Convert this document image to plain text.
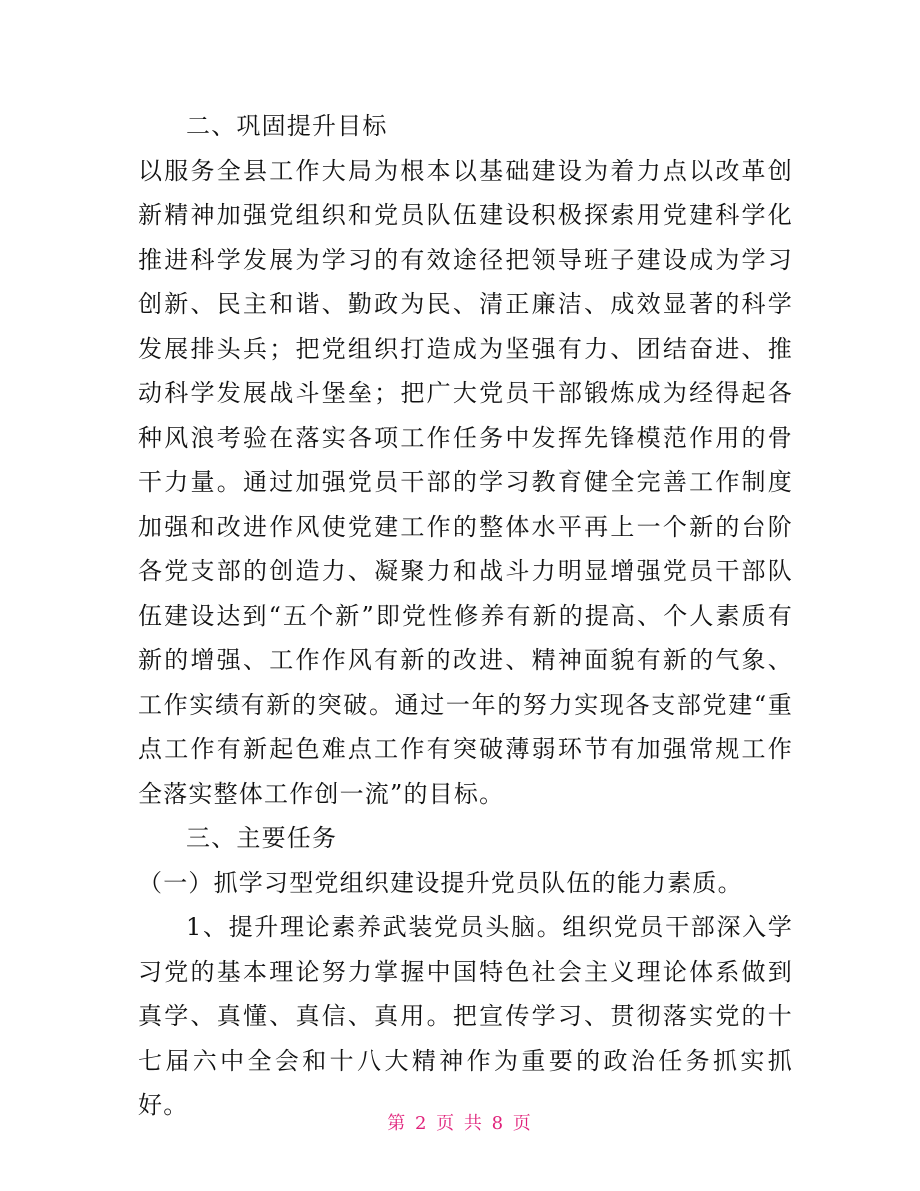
二、巩固提升目标

以服务全县工作大局为根本以基础建设为着力点以改革创新精神加强党组织和党员队伍建设积极探索用党建科学化推进科学发展为学习的有效途径把领导班子建设成为学习创新、民主和谐、勤政为民、清正廉洁、成效显著的科学发展排头兵；把党组织打造成为坚强有力、团结奋进、推动科学发展战斗堡垒；把广大党员干部锻炼成为经得起各种风浪考验在落实各项工作任务中发挥先锋模范作用的骨干力量。通过加强党员干部的学习教育健全完善工作制度加强和改进作风使党建工作的整体水平再上一个新的台阶各党支部的创造力、凝聚力和战斗力明显增强党员干部队伍建设达到“五个新”即党性修养有新的提高、个人素质有新的增强、工作作风有新的改进、精神面貌有新的气象、工作实绩有新的突破。通过一年的努力实现各支部党建“重点工作有新起色难点工作有突破薄弱环节有加强常规工作全落实整体工作创一流”的目标。

三、主要任务

（一）抓学习型党组织建设提升党员队伍的能力素质。

1、提升理论素养武装党员头脑。组织党员干部深入学习党的基本理论努力掌握中国特色社会主义理论体系做到真学、真懂、真信、真用。把宣传学习、贯彻落实党的十七届六中全会和十八大精神作为重要的政治任务抓实抓好。

第 2 页 共 8 页
